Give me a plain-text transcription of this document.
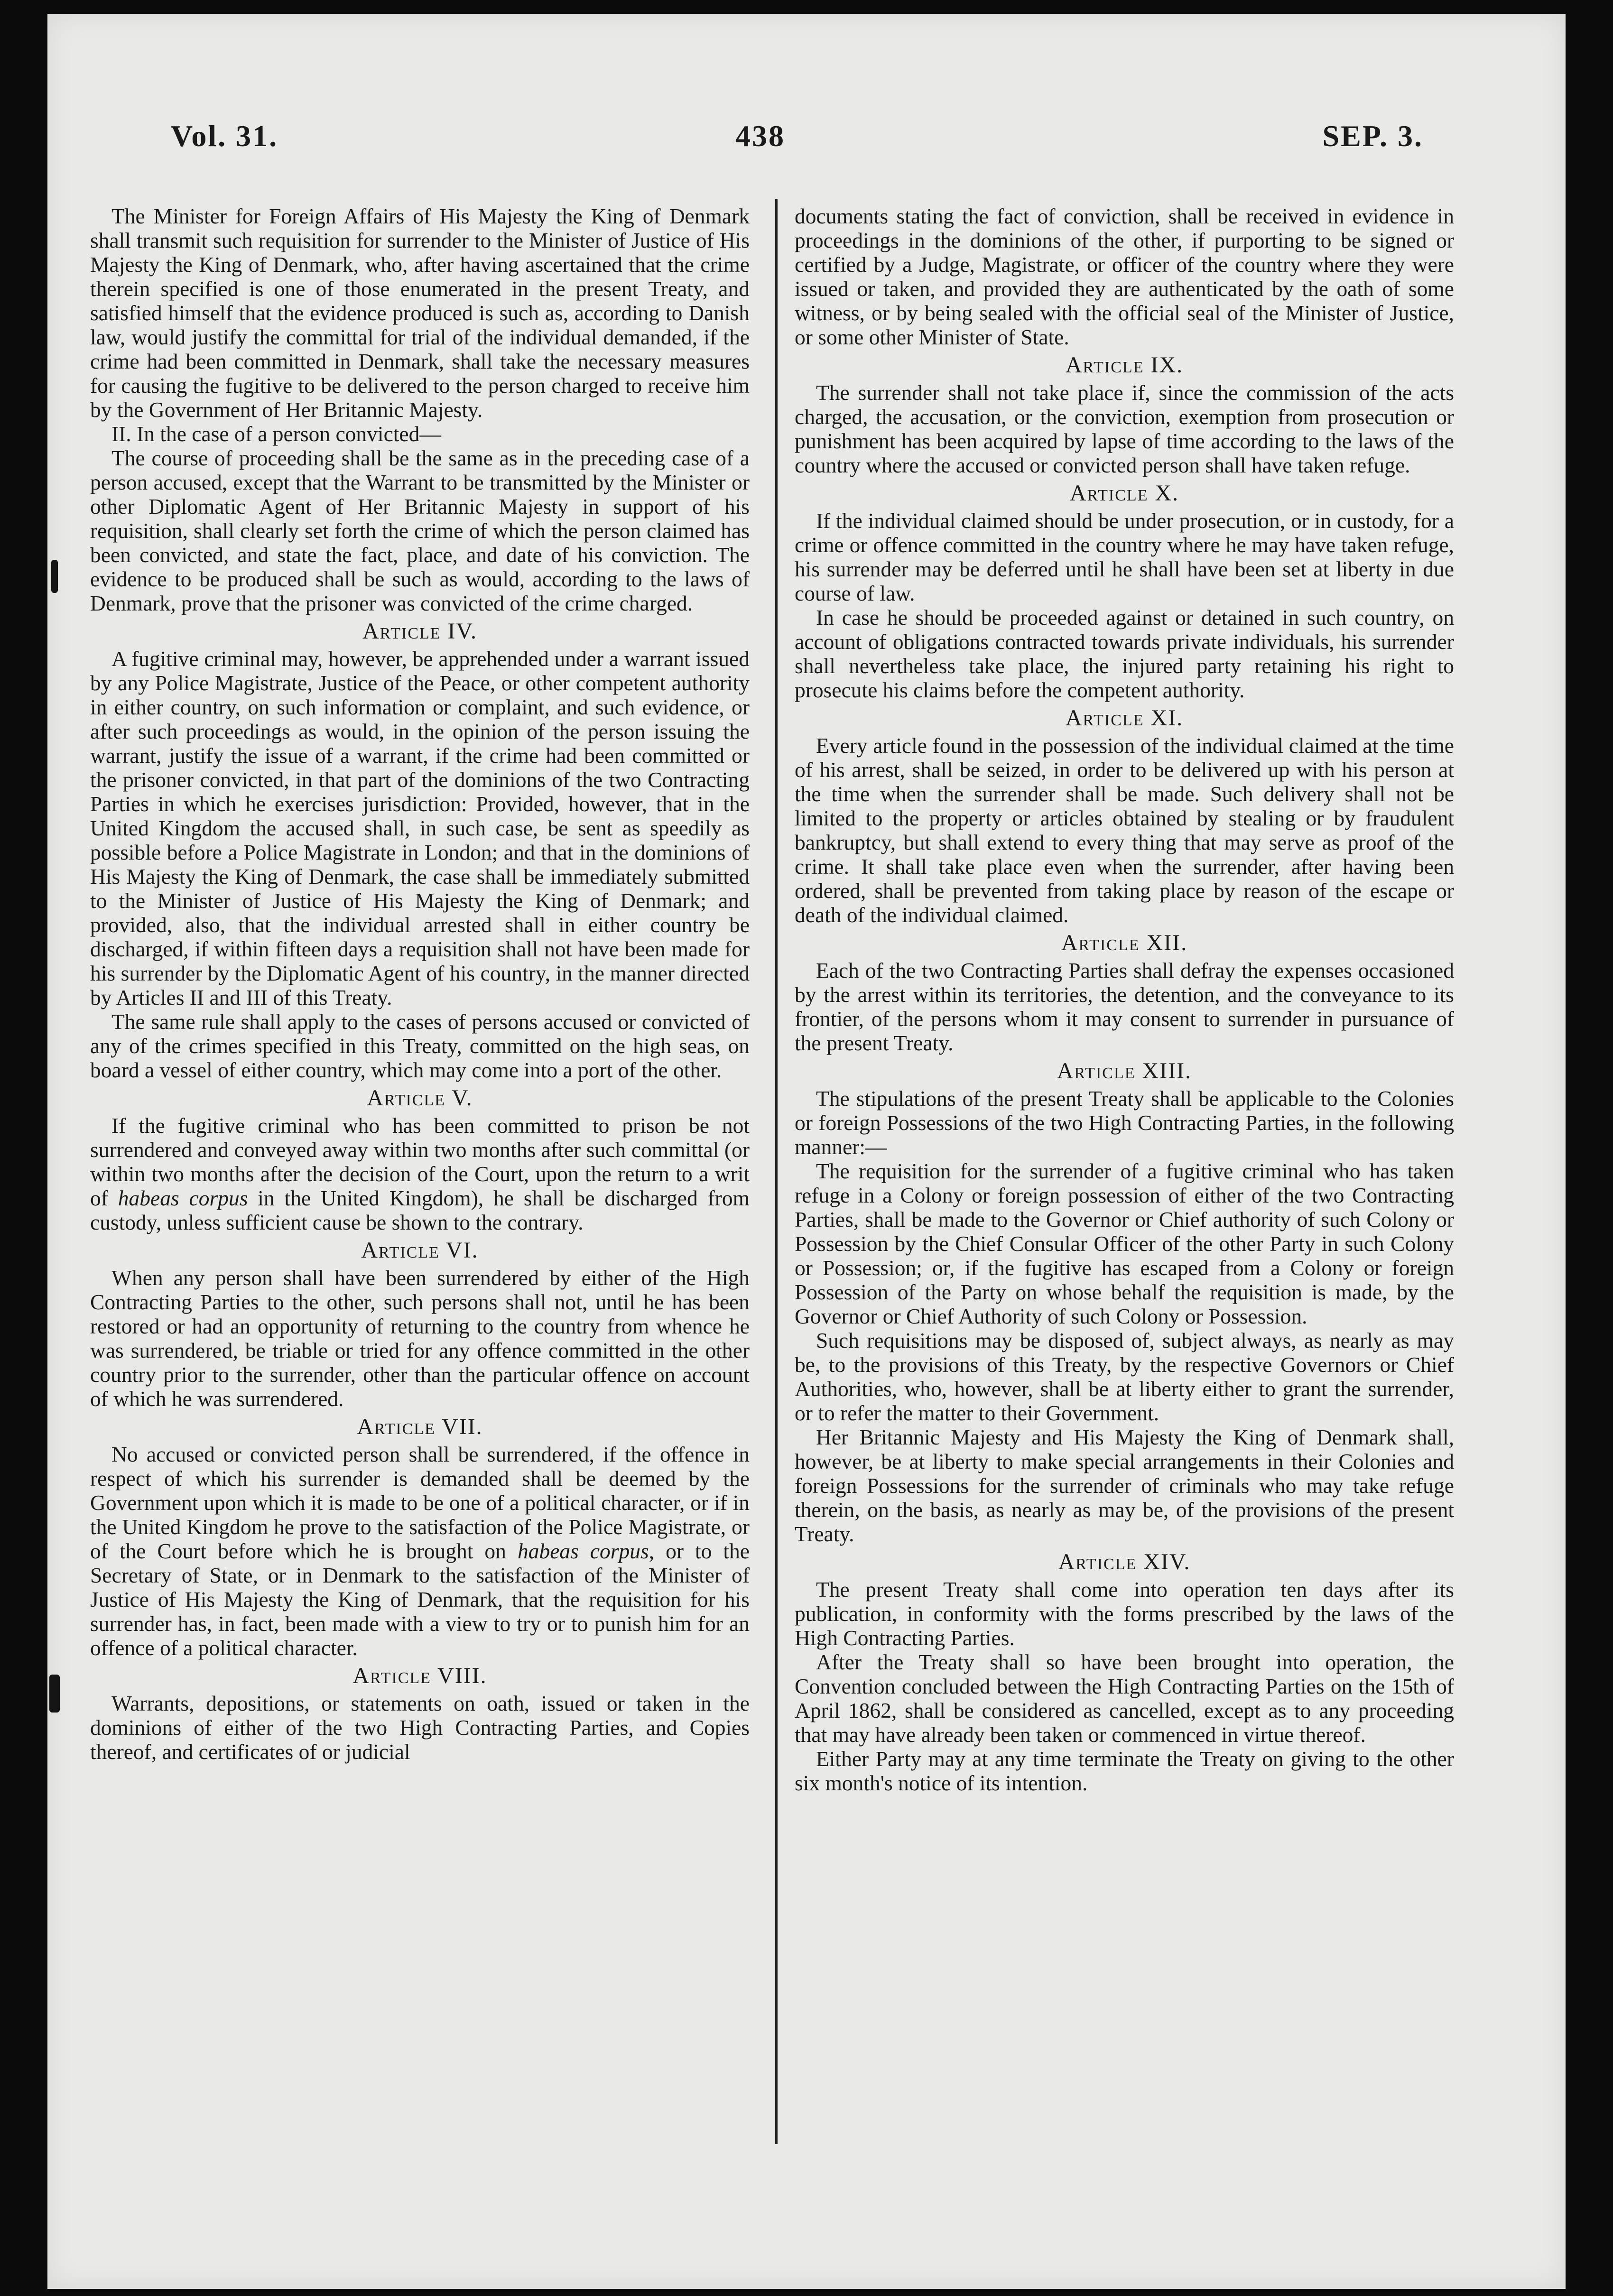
Vol. 31.	438	SEP. 3.

The Minister for Foreign Affairs of His Majesty the King of Denmark shall transmit such requisition for surrender to the Minister of Justice of His Majesty the King of Denmark, who, after having ascertained that the crime therein specified is one of those enumerated in the present Treaty, and satisfied himself that the evidence produced is such as, according to Danish law, would justify the committal for trial of the individual demanded, if the crime had been committed in Denmark, shall take the necessary measures for causing the fugitive to be delivered to the person charged to receive him by the Government of Her Britannic Majesty.

II. In the case of a person convicted—

The course of proceeding shall be the same as in the preceding case of a person accused, except that the Warrant to be transmitted by the Minister or other Diplomatic Agent of Her Britannic Majesty in support of his requisition, shall clearly set forth the crime of which the person claimed has been convicted, and state the fact, place, and date of his conviction. The evidence to be produced shall be such as would, according to the laws of Denmark, prove that the prisoner was convicted of the crime charged.

Article IV.

A fugitive criminal may, however, be apprehended under a warrant issued by any Police Magistrate, Justice of the Peace, or other competent authority in either country, on such information or complaint, and such evidence, or after such proceedings as would, in the opinion of the person issuing the warrant, justify the issue of a warrant, if the crime had been committed or the prisoner convicted, in that part of the dominions of the two Contracting Parties in which he exercises jurisdiction: Provided, however, that in the United Kingdom the accused shall, in such case, be sent as speedily as possible before a Police Magistrate in London; and that in the dominions of His Majesty the King of Denmark, the case shall be immediately submitted to the Minister of Justice of His Majesty the King of Denmark; and provided, also, that the individual arrested shall in either country be discharged, if within fifteen days a requisition shall not have been made for his surrender by the Diplomatic Agent of his country, in the manner directed by Articles II and III of this Treaty.

The same rule shall apply to the cases of persons accused or convicted of any of the crimes specified in this Treaty, committed on the high seas, on board a vessel of either country, which may come into a port of the other.

Article V.

If the fugitive criminal who has been committed to prison be not surrendered and conveyed away within two months after such committal (or within two months after the decision of the Court, upon the return to a writ of habeas corpus in the United Kingdom), he shall be discharged from custody, unless sufficient cause be shown to the contrary.

Article VI.

When any person shall have been surrendered by either of the High Contracting Parties to the other, such persons shall not, until he has been restored or had an opportunity of returning to the country from whence he was surrendered, be triable or tried for any offence committed in the other country prior to the surrender, other than the particular offence on account of which he was surrendered.

Article VII.

No accused or convicted person shall be surrendered, if the offence in respect of which his surrender is demanded shall be deemed by the Government upon which it is made to be one of a political character, or if in the United Kingdom he prove to the satisfaction of the Police Magistrate, or of the Court before which he is brought on habeas corpus, or to the Secretary of State, or in Denmark to the satisfaction of the Minister of Justice of His Majesty the King of Denmark, that the requisition for his surrender has, in fact, been made with a view to try or to punish him for an offence of a political character.

Article VIII.

Warrants, depositions, or statements on oath, issued or taken in the dominions of either of the two High Contracting Parties, and Copies thereof, and certificates of or judicial

documents stating the fact of conviction, shall be received in evidence in proceedings in the dominions of the other, if purporting to be signed or certified by a Judge, Magistrate, or officer of the country where they were issued or taken, and provided they are authenticated by the oath of some witness, or by being sealed with the official seal of the Minister of Justice, or some other Minister of State.

Article IX.

The surrender shall not take place if, since the commission of the acts charged, the accusation, or the conviction, exemption from prosecution or punishment has been acquired by lapse of time according to the laws of the country where the accused or convicted person shall have taken refuge.

Article X.

If the individual claimed should be under prosecution, or in custody, for a crime or offence committed in the country where he may have taken refuge, his surrender may be deferred until he shall have been set at liberty in due course of law.

In case he should be proceeded against or detained in such country, on account of obligations contracted towards private individuals, his surrender shall nevertheless take place, the injured party retaining his right to prosecute his claims before the competent authority.

Article XI.

Every article found in the possession of the individual claimed at the time of his arrest, shall be seized, in order to be delivered up with his person at the time when the surrender shall be made. Such delivery shall not be limited to the property or articles obtained by stealing or by fraudulent bankruptcy, but shall extend to every thing that may serve as proof of the crime. It shall take place even when the surrender, after having been ordered, shall be prevented from taking place by reason of the escape or death of the individual claimed.

Article XII.

Each of the two Contracting Parties shall defray the expenses occasioned by the arrest within its territories, the detention, and the conveyance to its frontier, of the persons whom it may consent to surrender in pursuance of the present Treaty.

Article XIII.

The stipulations of the present Treaty shall be applicable to the Colonies or foreign Possessions of the two High Contracting Parties, in the following manner:—

The requisition for the surrender of a fugitive criminal who has taken refuge in a Colony or foreign possession of either of the two Contracting Parties, shall be made to the Governor or Chief authority of such Colony or Possession by the Chief Consular Officer of the other Party in such Colony or Possession; or, if the fugitive has escaped from a Colony or foreign Possession of the Party on whose behalf the requisition is made, by the Governor or Chief Authority of such Colony or Possession.

Such requisitions may be disposed of, subject always, as nearly as may be, to the provisions of this Treaty, by the respective Governors or Chief Authorities, who, however, shall be at liberty either to grant the surrender, or to refer the matter to their Government.

Her Britannic Majesty and His Majesty the King of Denmark shall, however, be at liberty to make special arrangements in their Colonies and foreign Possessions for the surrender of criminals who may take refuge therein, on the basis, as nearly as may be, of the provisions of the present Treaty.

Article XIV.

The present Treaty shall come into operation ten days after its publication, in conformity with the forms prescribed by the laws of the High Contracting Parties.

After the Treaty shall so have been brought into operation, the Convention concluded between the High Contracting Parties on the 15th of April 1862, shall be considered as cancelled, except as to any proceeding that may have already been taken or commenced in virtue thereof.

Either Party may at any time terminate the Treaty on giving to the other six month's notice of its intention.
